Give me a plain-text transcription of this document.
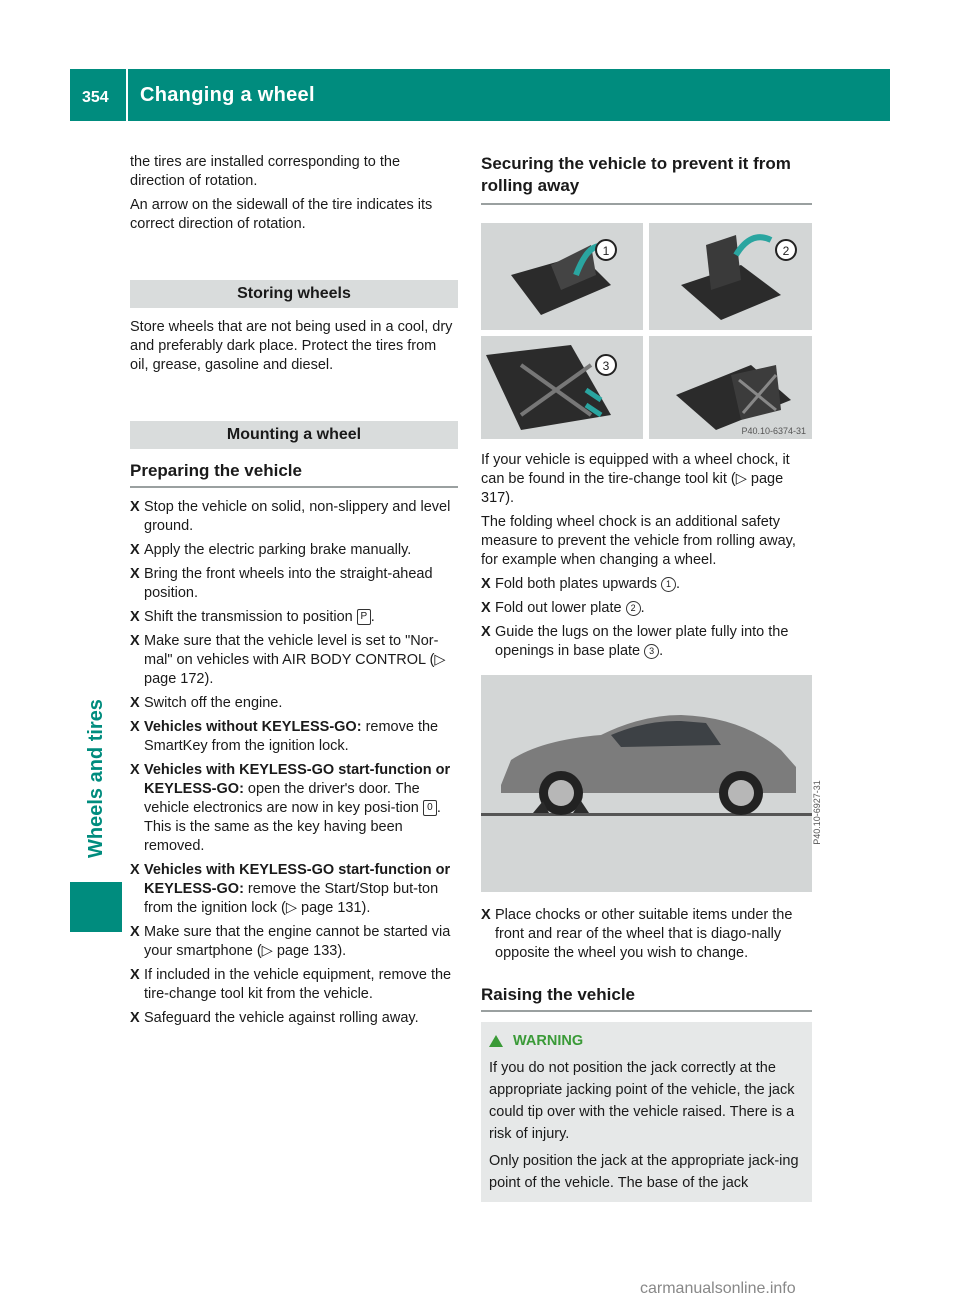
354 Changing a wheel
Wheels and tires

the tires are installed corresponding to the direction of rotation.

An arrow on the sidewall of the tire indicates its correct direction of rotation.

Storing wheels

Store wheels that are not being used in a cool, dry and preferably dark place. Protect the tires from oil, grease, gasoline and diesel.

Mounting a wheel
Preparing the vehicle
X Stop the vehicle on solid, non-slippery and level ground.
X Apply the electric parking brake manually.
X Bring the front wheels into the straight-ahead position.
X Shift the transmission to position P .
X Make sure that the vehicle level is set to "Nor-mal" on vehicles with AIR BODY CONTROL (▷ page 172).
X Switch off the engine.
X Vehicles without KEYLESS-GO: remove the SmartKey from the ignition lock.
X Vehicles with KEYLESS-GO start-function or KEYLESS-GO: open the driver's door. The vehicle electronics are now in key posi-tion 0 . This is the same as the key having been removed.
X Vehicles with KEYLESS-GO start-function or KEYLESS-GO: remove the Start/Stop but-ton from the ignition lock (▷ page 131).
X Make sure that the engine cannot be started via your smartphone (▷ page 133).
X If included in the vehicle equipment, remove the tire-change tool kit from the vehicle.
X Safeguard the vehicle against rolling away.
Securing the vehicle to prevent it from rolling away
1	2
3
P40.10-6374-31

If your vehicle is equipped with a wheel chock, it can be found in the tire-change tool kit (▷ page 317).

The folding wheel chock is an additional safety measure to prevent the vehicle from rolling away, for example when changing a wheel.

X Fold both plates upwards 1 .
X Fold out lower plate 2 .
X Guide the lugs on the lower plate fully into the openings in base plate 3 .
P40.10-6927-31
X Place chocks or other suitable items under the front and rear of the wheel that is diago-nally opposite the wheel you wish to change.
Raising the vehicle
WARNING

If you do not position the jack correctly at the appropriate jacking point of the vehicle, the jack could tip over with the vehicle raised. There is a risk of injury.

Only position the jack at the appropriate jack-ing point of the vehicle. The base of the jack

carmanualsonline.info
